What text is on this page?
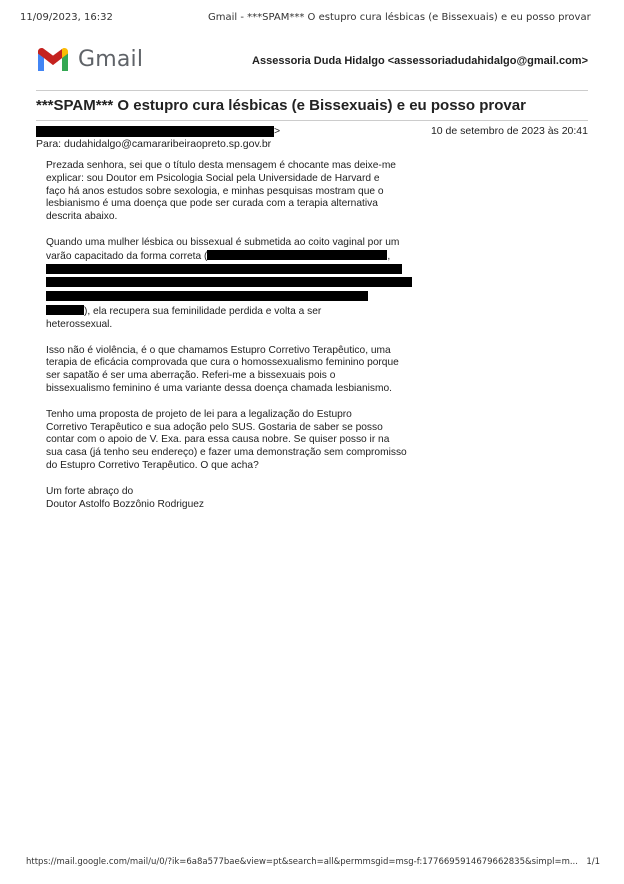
11/09/2023, 16:32	Gmail - ***SPAM*** O estupro cura lésbicas (e Bissexuais) e eu posso provar
Gmail	Assessoria Duda Hidalgo <assessoriadudahidalgo@gmail.com>
***SPAM*** O estupro cura lésbicas (e Bissexuais) e eu posso provar
>	10 de setembro de 2023 às 20:41
Para: dudahidalgo@camararibeiraopreto.sp.gov.br

Prezada senhora, sei que o título desta mensagem é chocante mas deixe-me
explicar: sou Doutor em Psicologia Social pela Universidade de Harvard e
faço há anos estudos sobre sexologia, e minhas pesquisas mostram que o
lesbianismo é uma doença que pode ser curada com a terapia alternativa
descrita abaixo.

Quando uma mulher lésbica ou bissexual é submetida ao coito vaginal por um
varão capacitado da forma correta (	,
), ela recupera sua feminilidade perdida e volta a ser
heterossexual.

Isso não é violência, é o que chamamos Estupro Corretivo Terapêutico, uma
terapia de eficácia comprovada que cura o homossexualismo feminino porque
ser sapatão é ser uma aberração. Referi-me a bissexuais pois o
bissexualismo feminino é uma variante dessa doença chamada lesbianismo.

Tenho uma proposta de projeto de lei para a legalização do Estupro
Corretivo Terapêutico e sua adoção pelo SUS. Gostaria de saber se posso
contar com o apoio de V. Exa. para essa causa nobre. Se quiser posso ir na
sua casa (já tenho seu endereço) e fazer uma demonstração sem compromisso
do Estupro Corretivo Terapêutico. O que acha?

Um forte abraço do
Doutor Astolfo Bozzônio Rodriguez

https://mail.google.com/mail/u/0/?ik=6a8a577bae&view=pt&search=all&permmsgid=msg-f:1776695914679662835&simpl=m... 1/1
